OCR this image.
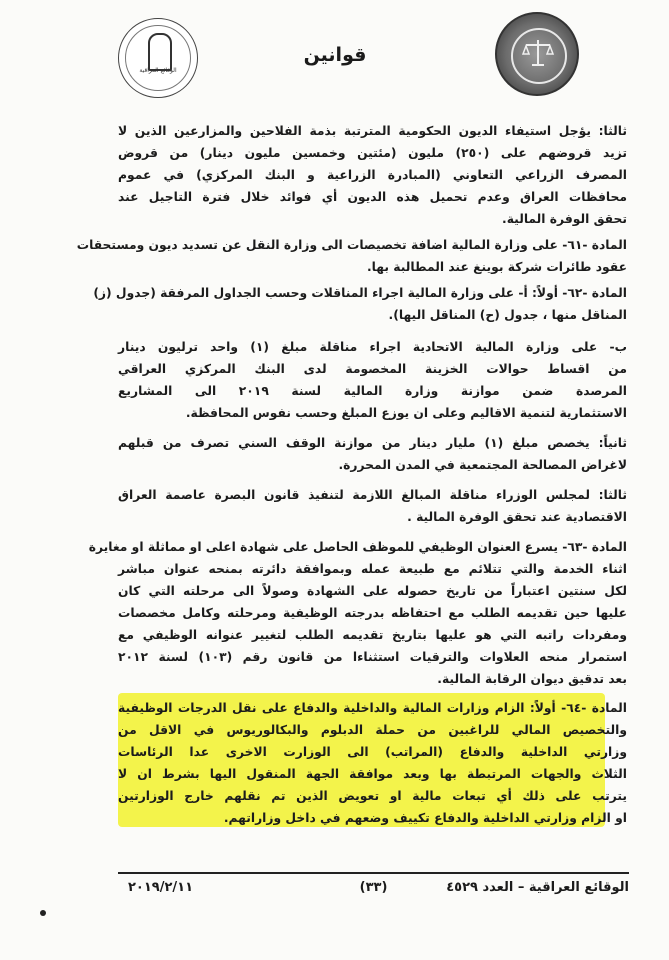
قوانين
الوقائع العراقية

ثالثا: يؤجل استيفاء الديون الحكومية المترتبة بذمة الفلاحين والمزارعين الذين لا
تزيد قروضهم على (٢٥٠) مليون (مئتين وخمسين مليون دينار) من قروض
المصرف الزراعي التعاوني (المبادرة الزراعية و البنك المركزي) في عموم
محافظات العراق وعدم تحميل هذه الديون أي فوائد خلال فترة التاجيل عند
تحقق الوفرة المالية.

المادة -٦١- على وزارة المالية اضافة تخصيصات الى وزارة النقل عن تسديد ديون ومستحقات
عقود طائرات شركة بوينغ عند المطالبة بها.

المادة -٦٢- أولاً: أ- على وزارة المالية اجراء المناقلات وحسب الجداول المرفقة (جدول (ز)
المناقل منها ، جدول (ح) المناقل اليها).

ب- على وزارة المالية الاتحادية اجراء مناقلة مبلغ (١) واحد ترليون دينار
من اقساط حوالات الخزينة المخصومة لدى البنك المركزي العراقي
المرصدة ضمن موازنة وزارة المالية لسنة ٢٠١٩ الى المشاريع
الاستثمارية لتنمية الاقاليم وعلى ان يوزع المبلغ وحسب نفوس المحافظة.

ثانياً: يخصص مبلغ (١) مليار دينار من موازنة الوقف السني تصرف من قبلهم
لاغراض المصالحة المجتمعية في المدن المحررة.

ثالثا: لمجلس الوزراء مناقلة المبالغ اللازمة لتنفيذ قانون البصرة عاصمة العراق
الاقتصادية عند تحقق الوفرة المالية .

المادة -٦٣- يسرع العنوان الوظيفي للموظف الحاصل على شهادة اعلى او مماثلة او مغايرة
اثناء الخدمة والتي تتلائم مع طبيعة عمله وبموافقة دائرته بمنحه عنوان مباشر
لكل سنتين اعتباراً من تاريخ حصوله على الشهادة وصولاً الى مرحلته التي كان
عليها حين تقديمه الطلب مع احتفاظه بدرجته الوظيفية ومرحلته وكامل مخصصات
ومفردات راتبه التي هو عليها بتاريخ تقديمه الطلب لتغيير عنوانه الوظيفي مع
استمرار منحه العلاوات والترقيات استثناءا من قانون رقم (١٠٣) لسنة ٢٠١٢
بعد تدقيق ديوان الرقابة المالية.

المادة -٦٤- أولاً: الزام وزارات المالية والداخلية والدفاع على نقل الدرجات الوظيفية
والتخصيص المالي للراغبين من حملة الدبلوم والبكالوريوس في الاقل من
وزارتي الداخلية والدفاع (المراتب) الى الوزارت الاخرى عدا الرئاسات
الثلاث والجهات المرتبطة بها وبعد موافقة الجهة المنقول اليها بشرط ان لا
يترتب على ذلك أي تبعات مالية او تعويض الذين تم نقلهم خارج الوزارتين
او الزام وزارتي الداخلية والدفاع تكييف وضعهم في داخل وزاراتهم.

الوقائع العراقية – العدد ٤٥٢٩
(٣٣)
٢٠١٩/٢/١١
